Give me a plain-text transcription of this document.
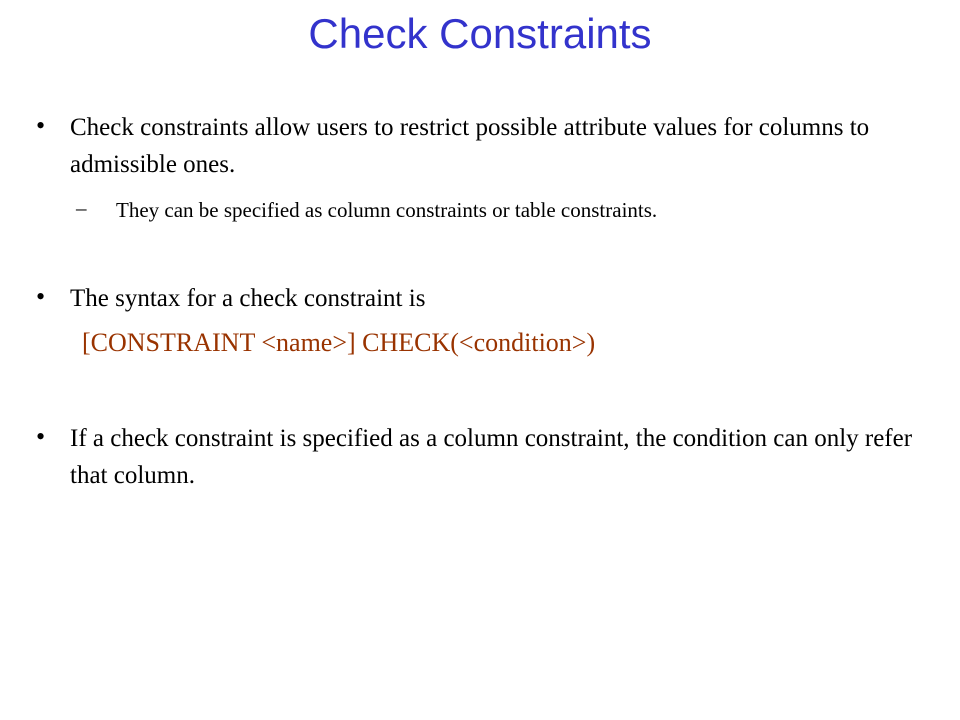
Check Constraints
• Check constraints allow users to restrict possible attribute values for columns to admissible ones.
– They can be specified as column constraints or table constraints.
• The syntax for a check constraint is
[CONSTRAINT <name>] CHECK(<condition>)
• If a check constraint is specified as a column constraint, the condition can only refer that column.
